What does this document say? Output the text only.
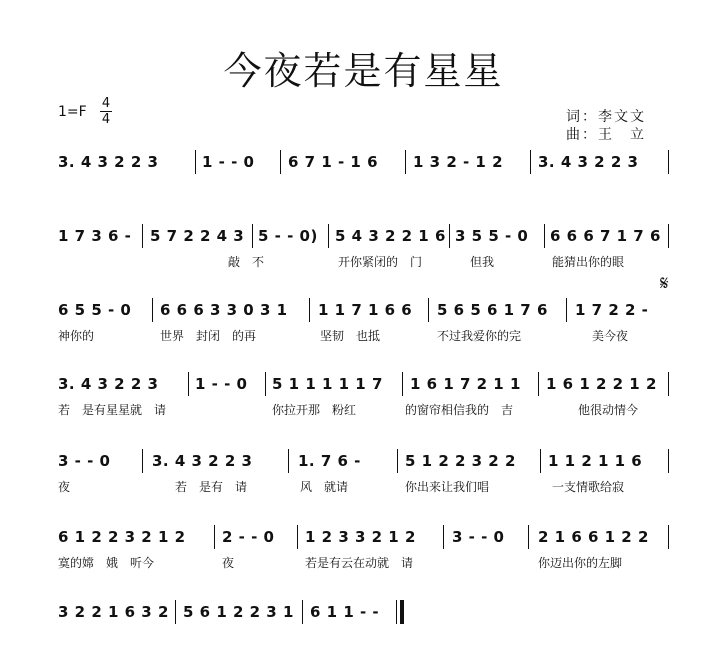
今夜若是有星星
1=F
4
4	词：李文文
曲：王　立
3. 4 3 2 2 3	1 - - 0 6 7 1 - 1 6 1 3 2 - 1 2 3. 4 3 2 2 3
1 7 3 6 - 5 7 2 2 4 3 5 - - 0) 5 4 3 2 2 1 6 3 5 5 - 0 6 6 6 7 1 7 6
敲　不	开你紧闭的　门	但我	能猜出你的眼
𝄋
6 5 5 - 0 6 6 6 3 3 0 3 1 1 1 7 1 6 6 5 6 5 6 1 7 6 1 7 2 2 -
神你的	世界　封闭　的再	坚韧　也抵	不过我爱你的完	美今夜
3. 4 3 2 2 3 1 - - 0 5 1 1 1 1 1 7 1 6 1 7 2 1 1 1 6 1 2 2 1 2
若　是有星星就　请	你拉开那　粉红	的窗帘相信我的　吉	他很动情今
3 - - 0	3. 4 3 2 2 3	1. 7 6 -	5 1 2 2 3 2 2 1 1 2 1 1 6
夜	若　是有　请	风　就请	你出来让我们唱	一支情歌给寂
6 1 2 2 3 2 1 2 2 - - 0 1 2 3 3 2 1 2 3 - - 0 2 1 6 6 1 2 2
寞的嫦　娥　听今	夜	若是有云在动就　请	你迈出你的左脚
3 2 2 1 6 3 2 5 6 1 2 2 3 1 6 1 1 - -
